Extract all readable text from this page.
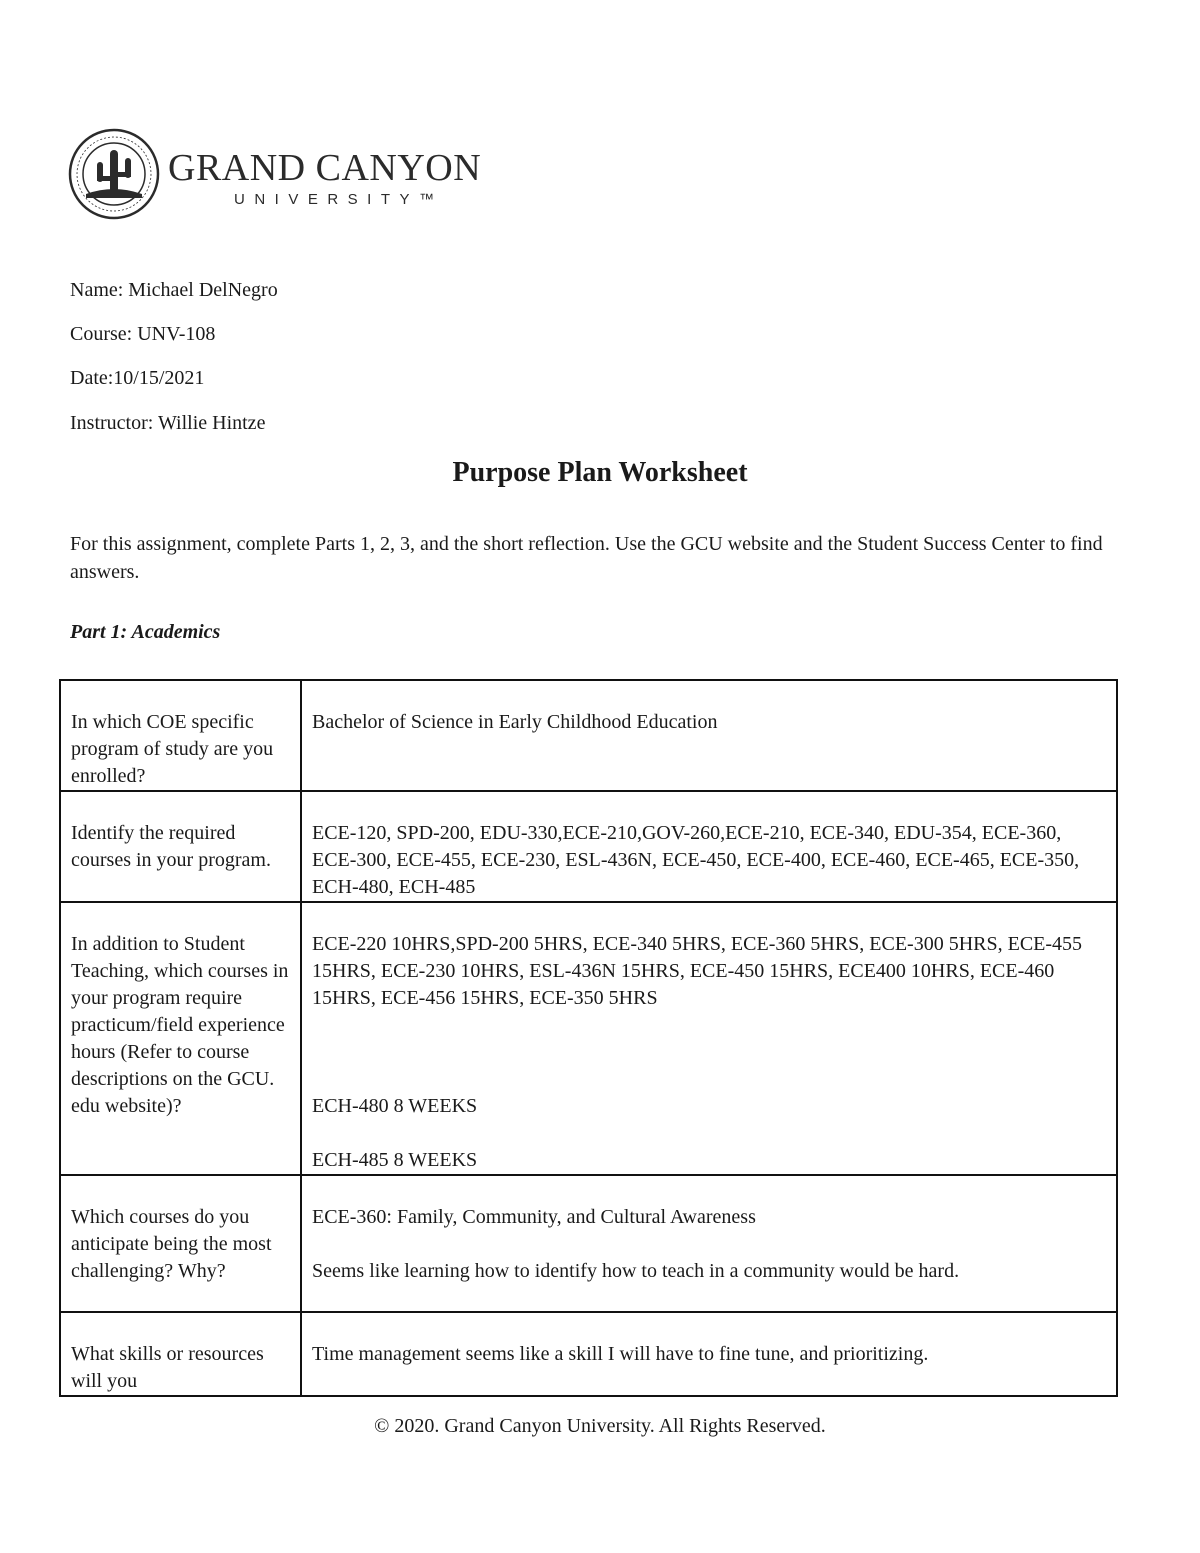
GRAND CANYON
UNIVERSITY™
Name: Michael DelNegro
Course: UNV-108
Date:10/15/2021
Instructor: Willie Hintze
Purpose Plan Worksheet
For this assignment, complete Parts 1, 2, 3, and the short reflection. Use the GCU website and the Student Success Center to find answers.
Part 1: Academics
In which COE specific program of study are you enrolled?	Bachelor of Science in Early Childhood Education
Identify the required courses in your program.	ECE-120, SPD-200, EDU-330,ECE-210,GOV-260,ECE-210, ECE-340, EDU-354, ECE-360, ECE-300, ECE-455, ECE-230, ESL-436N, ECE-450, ECE-400, ECE-460, ECE-465, ECE-350, ECH-480, ECH-485
In addition to Student Teaching, which courses in your program require practicum/field experience hours (Refer to course descriptions on the GCU. edu website)?	ECE-220 10HRS,SPD-200 5HRS, ECE-340 5HRS, ECE-360 5HRS, ECE-300 5HRS, ECE-455 15HRS, ECE-230 10HRS, ESL-436N 15HRS, ECE-450 15HRS, ECE400 10HRS, ECE-460 15HRS, ECE-456 15HRS, ECE-350 5HRS
ECH-480 8 WEEKS
ECH-485 8 WEEKS

Which courses do you anticipate being the most challenging? Why?	ECE-360: Family, Community, and Cultural Awareness
Seems like learning how to identify how to teach in a community would be hard.

What skills or resources will you	Time management seems like a skill I will have to fine tune, and prioritizing.
© 2020. Grand Canyon University. All Rights Reserved.
